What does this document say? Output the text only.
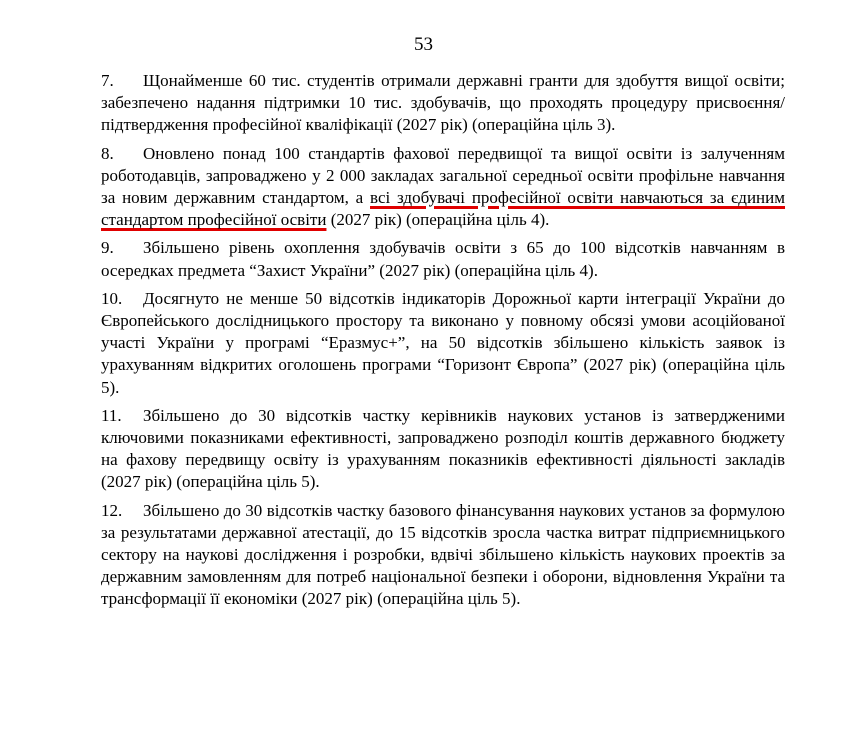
53

7. Щонайменше 60 тис. студентів отримали державні гранти для здобуття вищої освіти; забезпечено надання підтримки 10 тис. здобувачів, що проходять процедуру присвоєння/підтвердження професійної кваліфікації (2027 рік) (операційна ціль 3).

8. Оновлено понад 100 стандартів фахової передвищої та вищої освіти із залученням роботодавців, запроваджено у 2 000 закладах загальної середньої освіти профільне навчання за новим державним стандартом, а всі здобувачі професійної освіти навчаються за єдиним стандартом професійної освіти (2027 рік) (операційна ціль 4).

9. Збільшено рівень охоплення здобувачів освіти з 65 до 100 відсотків навчанням в осередках предмета “Захист України” (2027 рік) (операційна ціль 4).

10. Досягнуто не менше 50 відсотків індикаторів Дорожньої карти інтеграції України до Європейського дослідницького простору та виконано у повному обсязі умови асоційованої участі України у програмі “Еразмус+”, на 50 відсотків збільшено кількість заявок із урахуванням відкритих оголошень програми “Горизонт Європа” (2027 рік) (операційна ціль 5).

11. Збільшено до 30 відсотків частку керівників наукових установ із затвердженими ключовими показниками ефективності, запроваджено розподіл коштів державного бюджету на фахову передвищу освіту із урахуванням показників ефективності діяльності закладів (2027 рік) (операційна ціль 5).

12. Збільшено до 30 відсотків частку базового фінансування наукових установ за формулою за результатами державної атестації, до 15 відсотків зросла частка витрат підприємницького сектору на наукові дослідження і розробки, вдвічі збільшено кількість наукових проектів за державним замовленням для потреб національної безпеки і оборони, відновлення України та трансформації її економіки (2027 рік) (операційна ціль 5).
